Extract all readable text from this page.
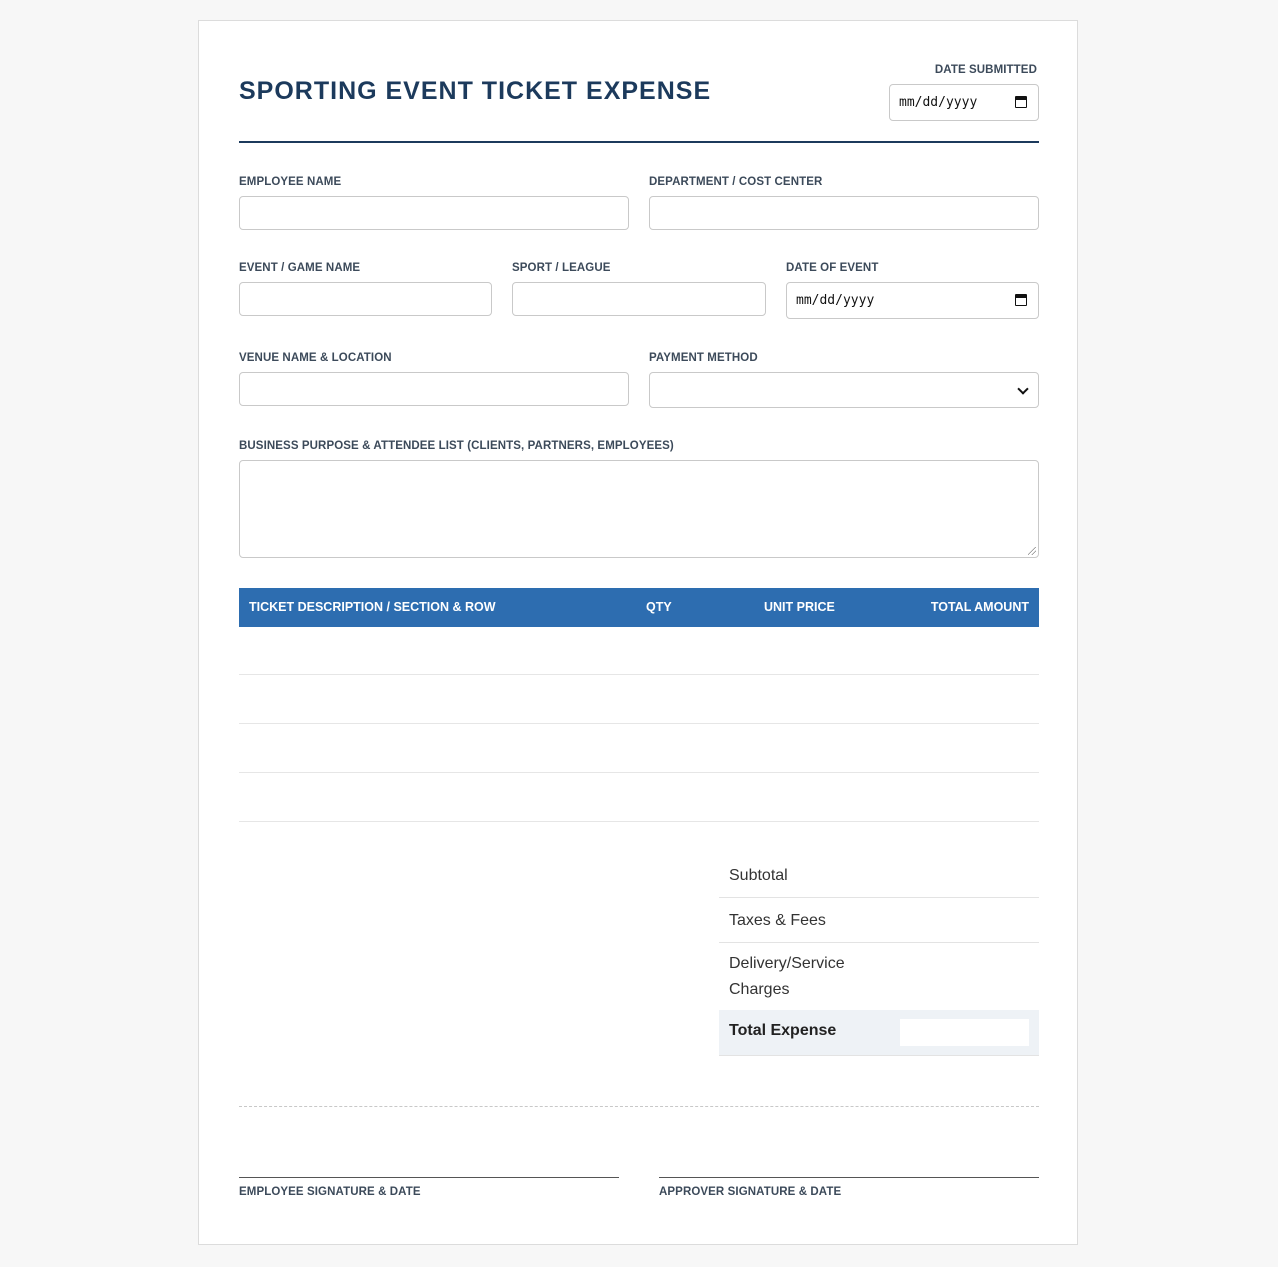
SPORTING EVENT TICKET EXPENSE
DATE SUBMITTED
mm/dd/yyyy
EMPLOYEE NAME	DEPARTMENT / COST CENTER
EVENT / GAME NAME	SPORT / LEAGUE	DATE OF EVENT
mm/dd/yyyy
VENUE NAME & LOCATION	PAYMENT METHOD
BUSINESS PURPOSE & ATTENDEE LIST (CLIENTS, PARTNERS, EMPLOYEES)
TICKET DESCRIPTION / SECTION & ROW	QTY	UNIT PRICE	TOTAL AMOUNT
Subtotal
Taxes & Fees
Delivery/Service Charges
Total Expense
EMPLOYEE SIGNATURE & DATE	APPROVER SIGNATURE & DATE
